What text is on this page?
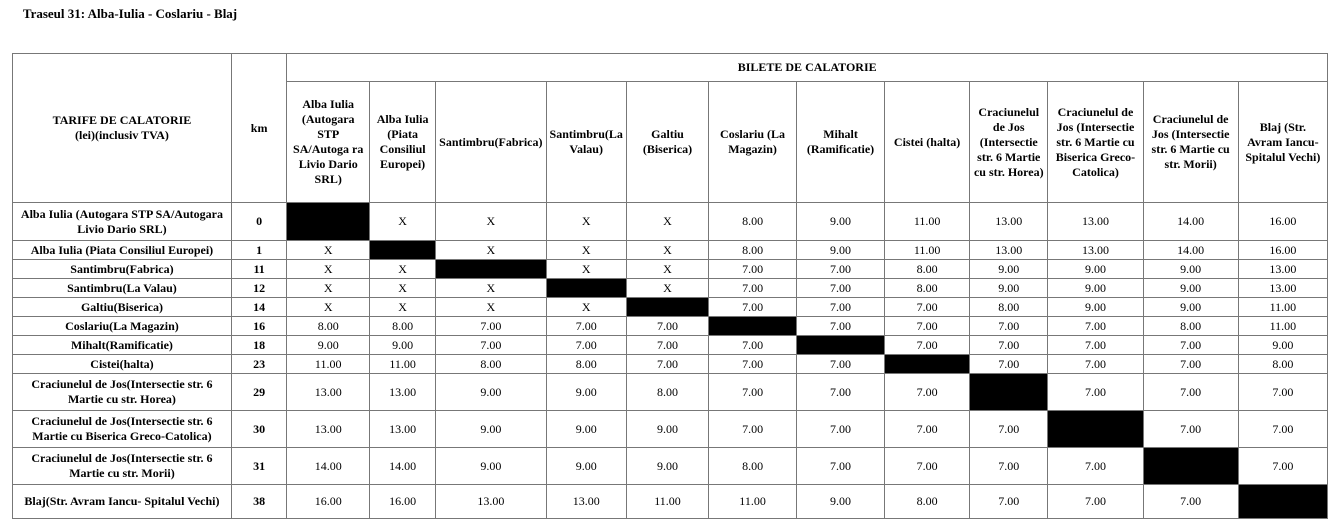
Traseul 31: Alba-Iulia - Coslariu - Blaj
TARIFE DE CALATORIE
(lei)(inclusiv TVA)	km	BILETE DE CALATORIE											
		Alba Iulia (Autogara STP SA/Autoga ra Livio Dario SRL)	Alba Iulia (Piata Consiliul Europei)	Santimbru(Fabrica)	Santimbru(La Valau)	Galtiu (Biserica)	Coslariu (La Magazin)	Mihalt (Ramificatie)	Cistei (halta)	Craciunelul de Jos (Intersectie str. 6 Martie cu str. Horea)	Craciunelul de Jos (Intersectie str. 6 Martie cu Biserica Greco-Catolica)	Craciunelul de Jos (Intersectie str. 6 Martie cu str. Morii)	Blaj (Str. Avram Iancu-Spitalul Vechi)
Alba Iulia (Autogara STP SA/Autogara Livio Dario SRL)	0		X	X	X	X	8.00	9.00	11.00	13.00	13.00	14.00	16.00
Alba Iulia (Piata Consiliul Europei)	1	X		X	X	X	8.00	9.00	11.00	13.00	13.00	14.00	16.00
Santimbru(Fabrica)	11	X	X		X	X	7.00	7.00	8.00	9.00	9.00	9.00	13.00
Santimbru(La Valau)	12	X	X	X		X	7.00	7.00	8.00	9.00	9.00	9.00	13.00
Galtiu(Biserica)	14	X	X	X	X		7.00	7.00	7.00	8.00	9.00	9.00	11.00
Coslariu(La Magazin)	16	8.00	8.00	7.00	7.00	7.00		7.00	7.00	7.00	7.00	8.00	11.00
Mihalt(Ramificatie)	18	9.00	9.00	7.00	7.00	7.00	7.00		7.00	7.00	7.00	7.00	9.00
Cistei(halta)	23	11.00	11.00	8.00	8.00	7.00	7.00	7.00		7.00	7.00	7.00	8.00
Craciunelul de Jos(Intersectie str. 6 Martie cu str. Horea)	29	13.00	13.00	9.00	9.00	8.00	7.00	7.00	7.00		7.00	7.00	7.00
Craciunelul de Jos(Intersectie str. 6 Martie cu Biserica Greco-Catolica)	30	13.00	13.00	9.00	9.00	9.00	7.00	7.00	7.00	7.00		7.00	7.00
Craciunelul de Jos(Intersectie str. 6 Martie cu str. Morii)	31	14.00	14.00	9.00	9.00	9.00	8.00	7.00	7.00	7.00	7.00		7.00
Blaj(Str. Avram Iancu- Spitalul Vechi)	38	16.00	16.00	13.00	13.00	11.00	11.00	9.00	8.00	7.00	7.00	7.00	
